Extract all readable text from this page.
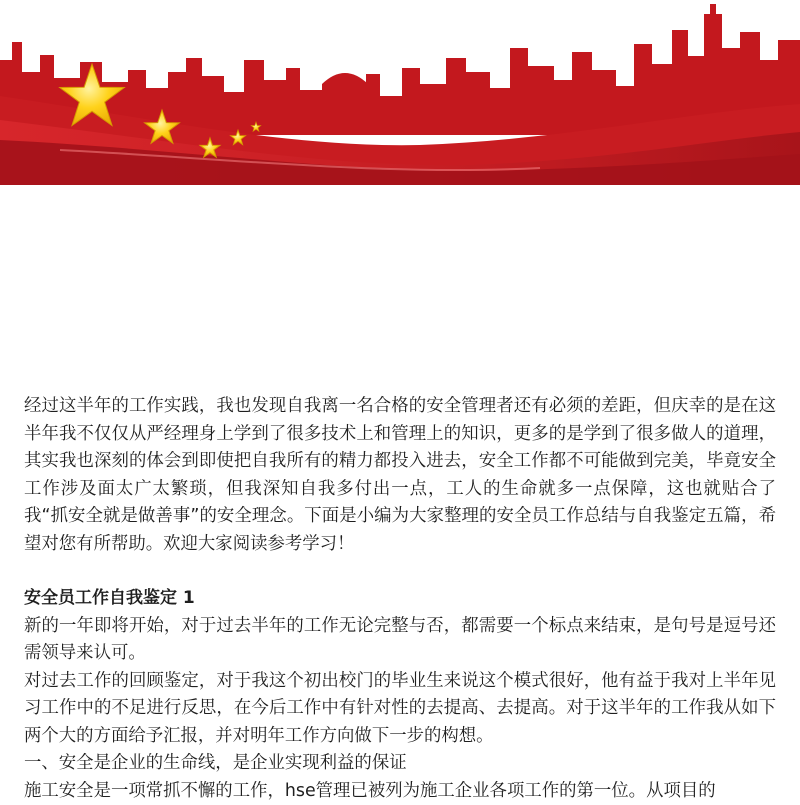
经过这半年的工作实践，我也发现自我离一名合格的安全管理者还有必须的差距，但庆幸的是在这半年我不仅仅从严经理身上学到了很多技术上和管理上的知识，更多的是学到了很多做人的道理，其实我也深刻的体会到即使把自我所有的精力都投入进去，安全工作都不可能做到完美，毕竟安全工作涉及面太广太繁琐，但我深知自我多付出一点，工人的生命就多一点保障，这也就贴合了我“抓安全就是做善事”的安全理念。下面是小编为大家整理的安全员工作总结与自我鉴定五篇，希望对您有所帮助。欢迎大家阅读参考学习！

安全员工作自我鉴定 1

新的一年即将开始，对于过去半年的工作无论完整与否，都需要一个标点来结束，是句号是逗号还需领导来认可。

对过去工作的回顾鉴定，对于我这个初出校门的毕业生来说这个模式很好，他有益于我对上半年见习工作中的不足进行反思，在今后工作中有针对性的去提高、去提高。对于这半年的工作我从如下两个大的方面给予汇报，并对明年工作方向做下一步的构想。

一、安全是企业的生命线，是企业实现利益的保证

施工安全是一项常抓不懈的工作，hse管理已被列为施工企业各项工作的第一位。从项目的
